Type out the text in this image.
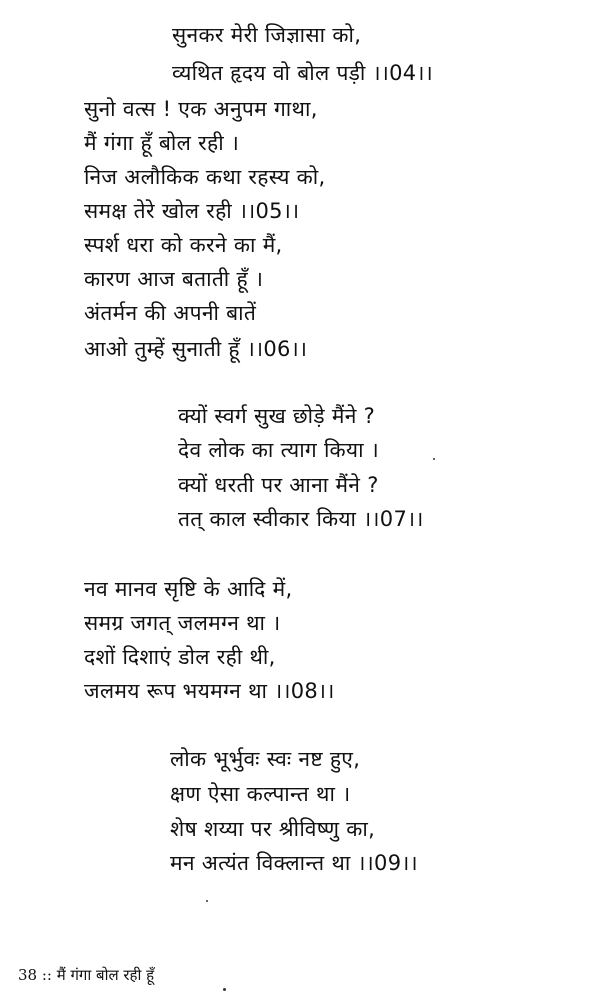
सुनकर मेरी जिज्ञासा को,
व्यथित हृदय वो बोल पड़ी ।।04।।
सुनो वत्स ! एक अनुपम गाथा,
मैं गंगा हूँ बोल रही ।
निज अलौकिक कथा रहस्य को,
समक्ष तेरे खोल रही ।।05।।
स्पर्श धरा को करने का मैं,
कारण आज बताती हूँ ।
अंतर्मन की अपनी बातें
आओ तुम्हें सुनाती हूँ ।।06।।
क्यों स्वर्ग सुख छोड़े मैंने ?
देव लोक का त्याग किया ।
क्यों धरती पर आना मैंने ?
तत् काल स्वीकार किया ।।07।।
नव मानव सृष्टि के आदि में,
समग्र जगत् जलमग्न था ।
दशों दिशाएं डोल रही थी,
जलमय रूप भयमग्न था ।।08।।
लोक भूर्भुवः स्वः नष्ट हुए,
क्षण ऐसा कल्पान्त था ।
शेष शय्या पर श्रीविष्णु का,
मन अत्यंत विक्लान्त था ।।09।।
38 :: मैं गंगा बोल रही हूँ
